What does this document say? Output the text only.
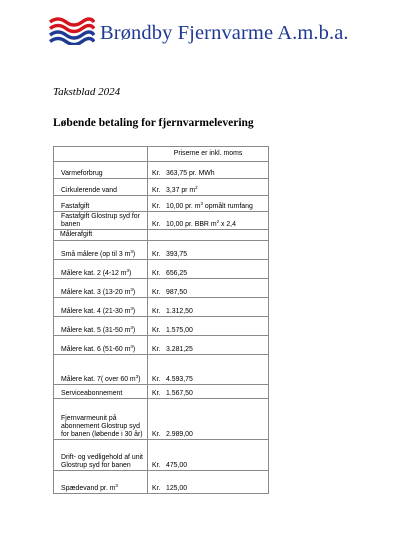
Brøndby Fjernvarme A.m.b.a.
Takstblad 2024
Løbende betaling for fjernvarmelevering
	Priserne er inkl. moms
Varmeforbrug	Kr. 363,75 pr. MWh
Cirkulerende vand	Kr. 3,37 pr $m^2$
Fastafgift	Kr. 10,00 pr. $m^3$ opmålt rumfang
Fastafgift Glostrup syd for banen	Kr. 10,00 pr. BBR $m^2$ x 2,4
Målerafgift	
Små målere (op til 3 $m^3$)	Kr. 393,75
Målere kat. 2 (4-12 $m^3$)	Kr. 656,25
Målere kat. 3 (13-20 $m^3$)	Kr. 987,50
Målere kat. 4 (21-30 $m^3$)	Kr. 1.312,50
Målere kat. 5 (31-50 $m^3$)	Kr. 1.575,00
Målere kat. 6 (51-60 $m^3$)	Kr. 3.281,25
Målere kat. 7( over 60 $m^3$)	Kr. 4.593,75
Serviceabonnement	Kr. 1.567,50
Fjernvarmeunit på abonnement Glostrup syd for banen (løbende i 30 år)	Kr. 2.989,00
Drift- og vedligehold af unit Glostrup syd for banen	Kr. 475,00
Spædevand pr. $m^3$	Kr. 125,00
